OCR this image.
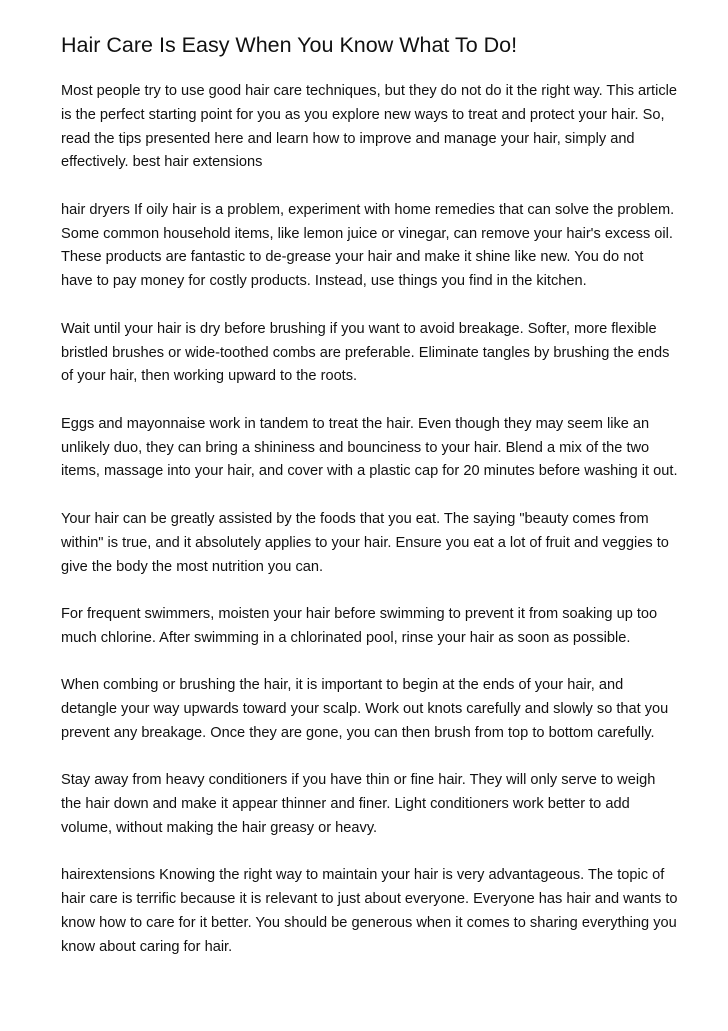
Hair Care Is Easy When You Know What To Do!

Most people try to use good hair care techniques, but they do not do it the right way. This article is the perfect starting point for you as you explore new ways to treat and protect your hair. So, read the tips presented here and learn how to improve and manage your hair, simply and effectively. best hair extensions

hair dryers If oily hair is a problem, experiment with home remedies that can solve the problem. Some common household items, like lemon juice or vinegar, can remove your hair's excess oil. These products are fantastic to de-grease your hair and make it shine like new. You do not have to pay money for costly products. Instead, use things you find in the kitchen.

Wait until your hair is dry before brushing if you want to avoid breakage. Softer, more flexible bristled brushes or wide-toothed combs are preferable. Eliminate tangles by brushing the ends of your hair, then working upward to the roots.

Eggs and mayonnaise work in tandem to treat the hair. Even though they may seem like an unlikely duo, they can bring a shininess and bounciness to your hair. Blend a mix of the two items, massage into your hair, and cover with a plastic cap for 20 minutes before washing it out.

Your hair can be greatly assisted by the foods that you eat. The saying "beauty comes from within" is true, and it absolutely applies to your hair. Ensure you eat a lot of fruit and veggies to give the body the most nutrition you can.

For frequent swimmers, moisten your hair before swimming to prevent it from soaking up too much chlorine. After swimming in a chlorinated pool, rinse your hair as soon as possible.

When combing or brushing the hair, it is important to begin at the ends of your hair, and detangle your way upwards toward your scalp. Work out knots carefully and slowly so that you prevent any breakage. Once they are gone, you can then brush from top to bottom carefully.

Stay away from heavy conditioners if you have thin or fine hair. They will only serve to weigh the hair down and make it appear thinner and finer. Light conditioners work better to add volume, without making the hair greasy or heavy.

hairextensions Knowing the right way to maintain your hair is very advantageous. The topic of hair care is terrific because it is relevant to just about everyone. Everyone has hair and wants to know how to care for it better. You should be generous when it comes to sharing everything you know about caring for hair.
